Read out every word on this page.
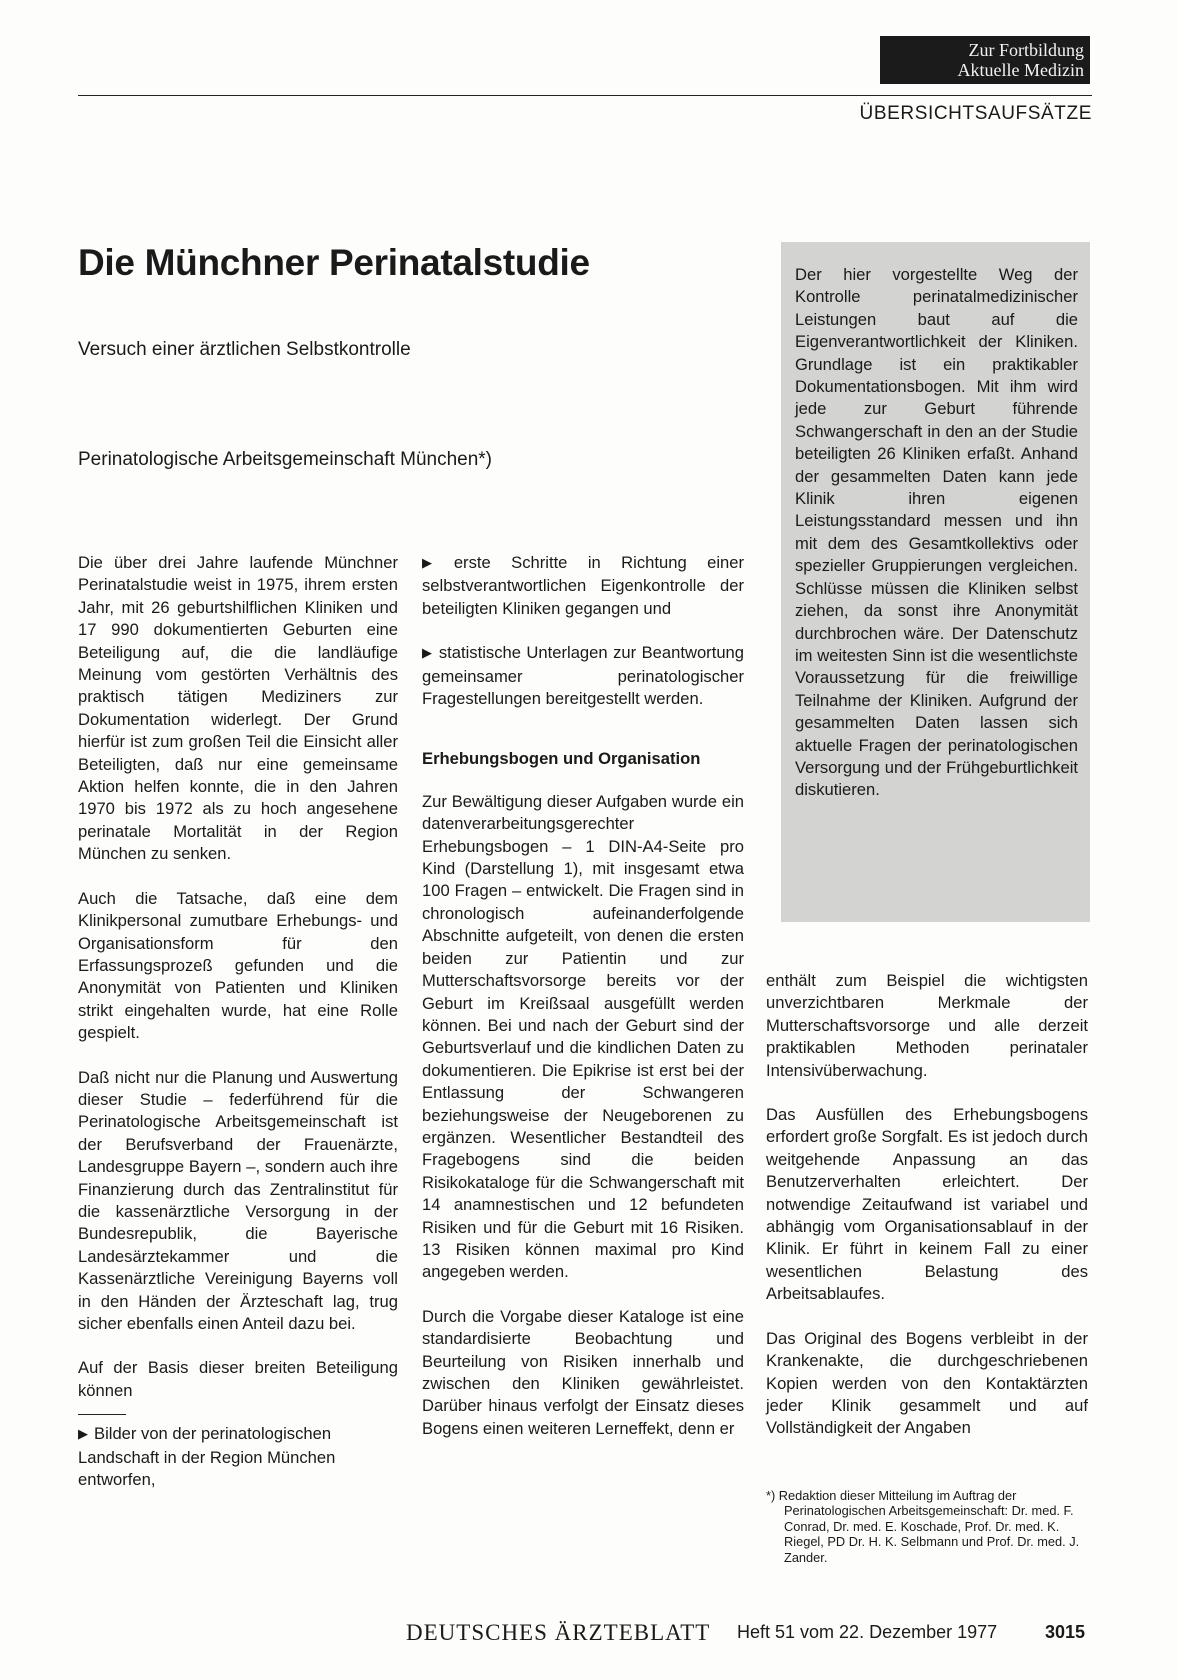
Zur Fortbildung
Aktuelle Medizin
ÜBERSICHTSAUFSÄTZE
Die Münchner Perinatalstudie
Versuch einer ärztlichen Selbstkontrolle
Perinatologische Arbeitsgemeinschaft München*)
Der hier vorgestellte Weg der Kontrolle perinatalmedizinischer Leistungen baut auf die Eigenverantwortlichkeit der Kliniken. Grundlage ist ein praktikabler Dokumentationsbogen. Mit ihm wird jede zur Geburt führende Schwangerschaft in den an der Studie beteiligten 26 Kliniken erfaßt. Anhand der gesammelten Daten kann jede Klinik ihren eigenen Leistungsstandard messen und ihn mit dem des Gesamtkollektivs oder spezieller Gruppierungen vergleichen. Schlüsse müssen die Kliniken selbst ziehen, da sonst ihre Anonymität durchbrochen wäre. Der Datenschutz im weitesten Sinn ist die wesentlichste Voraussetzung für die freiwillige Teilnahme der Kliniken. Aufgrund der gesammelten Daten lassen sich aktuelle Fragen der perinatologischen Versorgung und der Frühgeburtlichkeit diskutieren.

Die über drei Jahre laufende Münchner Perinatalstudie weist in 1975, ihrem ersten Jahr, mit 26 geburtshilflichen Kliniken und 17 990 dokumentierten Geburten eine Beteiligung auf, die die landläufige Meinung vom gestörten Verhältnis des praktisch tätigen Mediziners zur Dokumentation widerlegt. Der Grund hierfür ist zum großen Teil die Einsicht aller Beteiligten, daß nur eine gemeinsame Aktion helfen konnte, die in den Jahren 1970 bis 1972 als zu hoch angesehene perinatale Mortalität in der Region München zu senken.

Auch die Tatsache, daß eine dem Klinikpersonal zumutbare Erhebungs- und Organisationsform für den Erfassungsprozeß gefunden und die Anonymität von Patienten und Kliniken strikt eingehalten wurde, hat eine Rolle gespielt.

Daß nicht nur die Planung und Auswertung dieser Studie – federführend für die Perinatologische Arbeitsgemeinschaft ist der Berufsverband der Frauenärzte, Landesgruppe Bayern –, sondern auch ihre Finanzierung durch das Zentralinstitut für die kassenärztliche Versorgung in der Bundesrepublik, die Bayerische Landesärztekammer und die Kassenärztliche Vereinigung Bayerns voll in den Händen der Ärzteschaft lag, trug sicher ebenfalls einen Anteil dazu bei.

Auf der Basis dieser breiten Beteiligung können

▶ Bilder von der perinatologischen Landschaft in der Region München entworfen,

▶ erste Schritte in Richtung einer selbstverantwortlichen Eigenkontrolle der beteiligten Kliniken gegangen und

▶ statistische Unterlagen zur Beantwortung gemeinsamer perinatologischer Fragestellungen bereitgestellt werden.

Erhebungsbogen und Organisation

Zur Bewältigung dieser Aufgaben wurde ein datenverarbeitungsgerechter Erhebungsbogen – 1 DIN-A4-Seite pro Kind (Darstellung 1), mit insgesamt etwa 100 Fragen – entwickelt. Die Fragen sind in chronologisch aufeinanderfolgende Abschnitte aufgeteilt, von denen die ersten beiden zur Patientin und zur Mutterschaftsvorsorge bereits vor der Geburt im Kreißsaal ausgefüllt werden können. Bei und nach der Geburt sind der Geburtsverlauf und die kindlichen Daten zu dokumentieren. Die Epikrise ist erst bei der Entlassung der Schwangeren beziehungsweise der Neugeborenen zu ergänzen. Wesentlicher Bestandteil des Fragebogens sind die beiden Risikokataloge für die Schwangerschaft mit 14 anamnestischen und 12 befundeten Risiken und für die Geburt mit 16 Risiken. 13 Risiken können maximal pro Kind angegeben werden.

Durch die Vorgabe dieser Kataloge ist eine standardisierte Beobachtung und Beurteilung von Risiken innerhalb und zwischen den Kliniken gewährleistet. Darüber hinaus verfolgt der Einsatz dieses Bogens einen weiteren Lerneffekt, denn er

enthält zum Beispiel die wichtigsten unverzichtbaren Merkmale der Mutterschaftsvorsorge und alle derzeit praktikablen Methoden perinataler Intensivüberwachung.

Das Ausfüllen des Erhebungsbogens erfordert große Sorgfalt. Es ist jedoch durch weitgehende Anpassung an das Benutzerverhalten erleichtert. Der notwendige Zeitaufwand ist variabel und abhängig vom Organisationsablauf in der Klinik. Er führt in keinem Fall zu einer wesentlichen Belastung des Arbeitsablaufes.

Das Original des Bogens verbleibt in der Krankenakte, die durchgeschriebenen Kopien werden von den Kontaktärzten jeder Klinik gesammelt und auf Vollständigkeit der Angaben

*) Redaktion dieser Mitteilung im Auftrag der Perinatologischen Arbeitsgemeinschaft: Dr. med. F. Conrad, Dr. med. E. Koschade, Prof. Dr. med. K. Riegel, PD Dr. H. K. Selbmann und Prof. Dr. med. J. Zander.
DEUTSCHES ÄRZTEBLATT Heft 51 vom 22. Dezember 1977	3015
